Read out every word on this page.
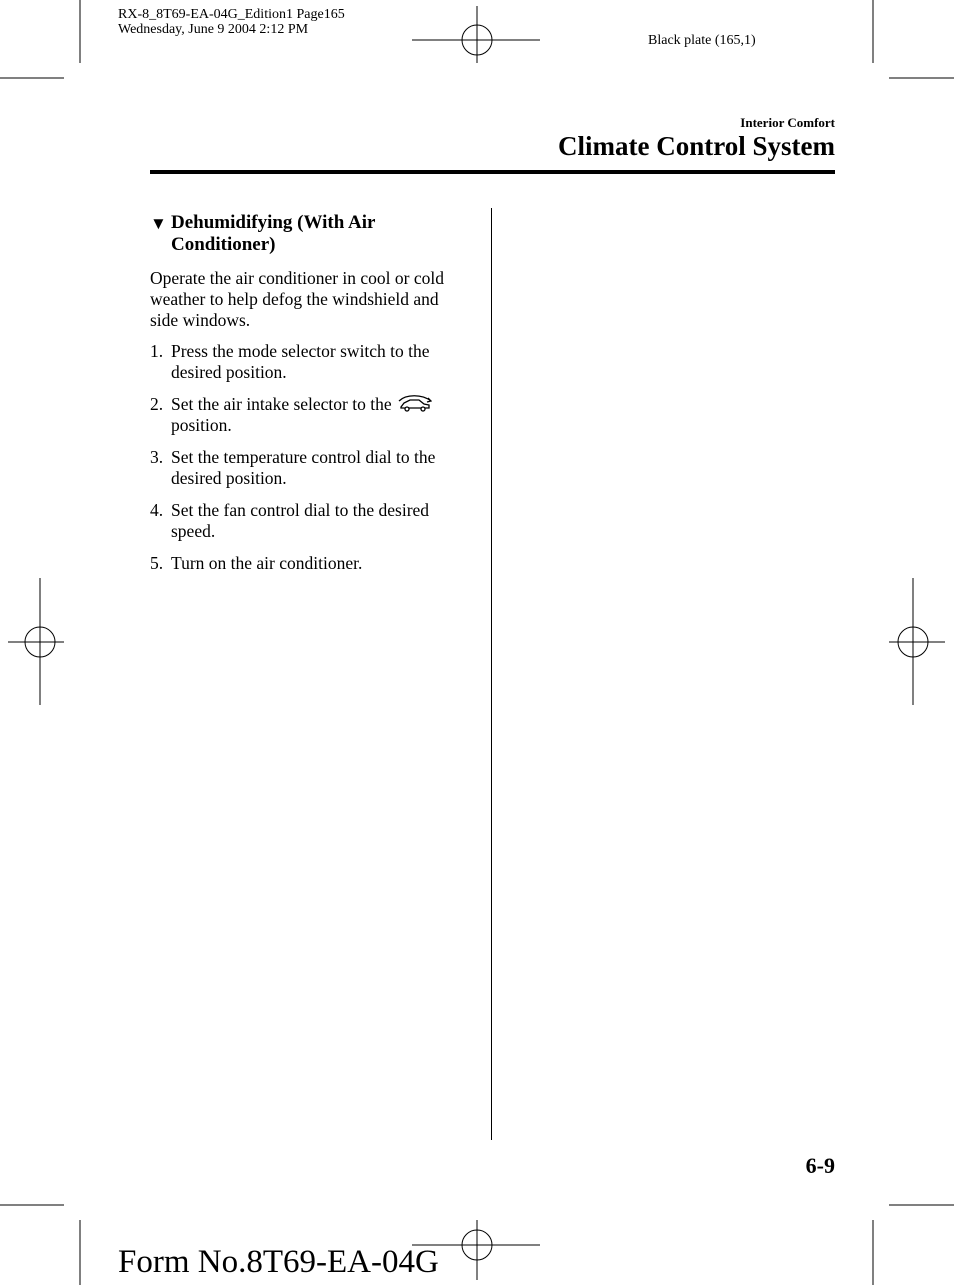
RX-8_8T69-EA-04G_Edition1 Page165
Wednesday, June 9 2004 2:12 PM
Black plate (165,1)
Interior Comfort
Climate Control System
▼ Dehumidifying (With Air Conditioner)
Operate the air conditioner in cool or cold weather to help defog the windshield and side windows.
1. Press the mode selector switch to the desired position.
2. Set the air intake selector to the  position.
3. Set the temperature control dial to the desired position.
4. Set the fan control dial to the desired speed.
5. Turn on the air conditioner.
6-9
Form No.8T69-EA-04G
